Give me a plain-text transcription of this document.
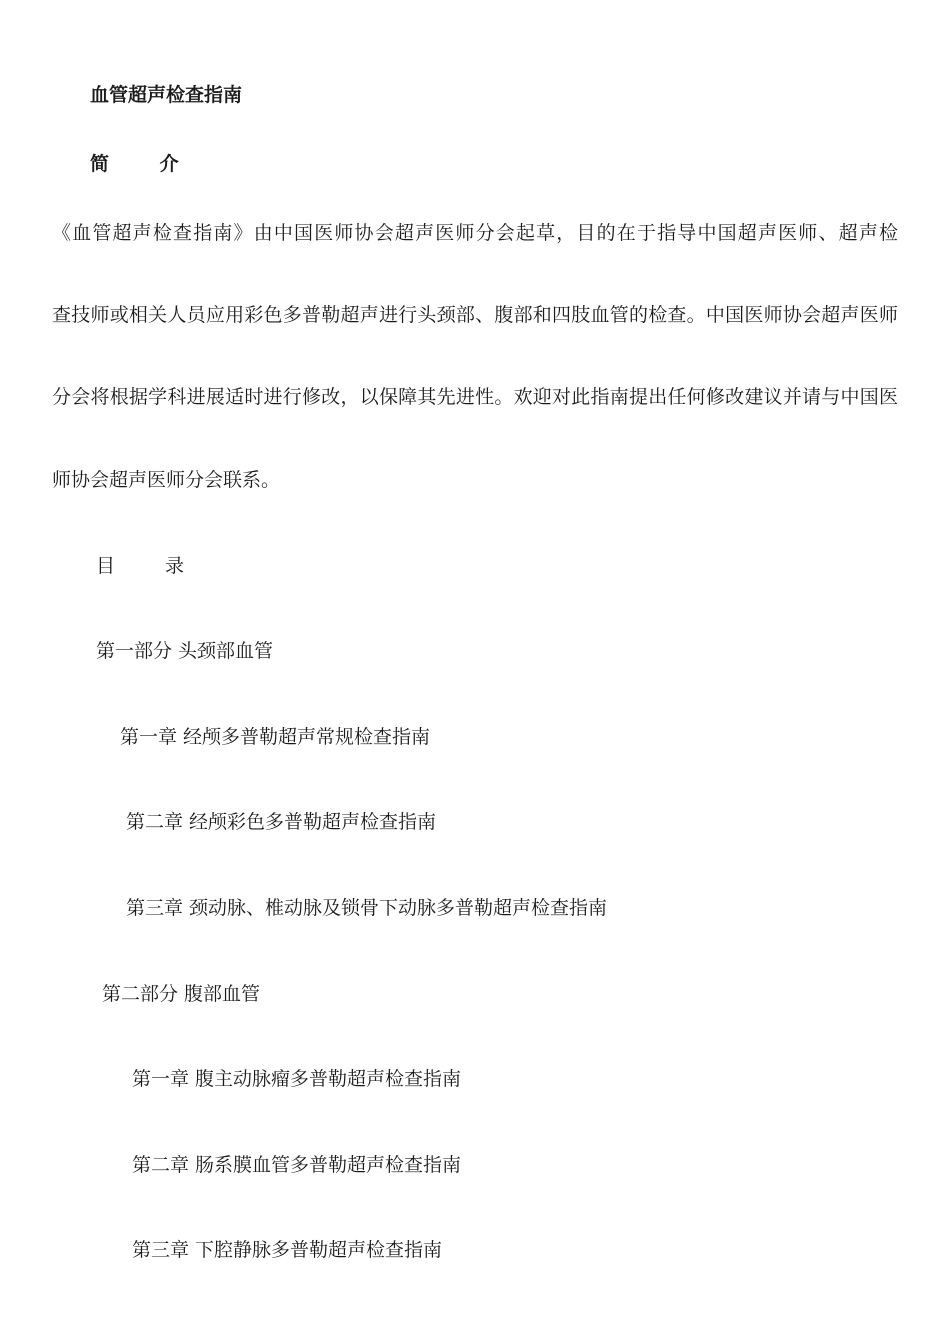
血管超声检查指南
简 介
《血管超声检查指南》由中国医师协会超声医师分会起草，目的在于指导中国超声医师、超声检
查技师或相关人员应用彩色多普勒超声进行头颈部、腹部和四肢血管的检查。中国医师协会超声医师
分会将根据学科进展适时进行修改，以保障其先进性。欢迎对此指南提出任何修改建议并请与中国医
师协会超声医师分会联系。
目 录
第一部分 头颈部血管
第一章 经颅多普勒超声常规检查指南
第二章 经颅彩色多普勒超声检查指南
第三章 颈动脉、椎动脉及锁骨下动脉多普勒超声检查指南
第二部分 腹部血管
第一章 腹主动脉瘤多普勒超声检查指南
第二章 肠系膜血管多普勒超声检查指南
第三章 下腔静脉多普勒超声检查指南
